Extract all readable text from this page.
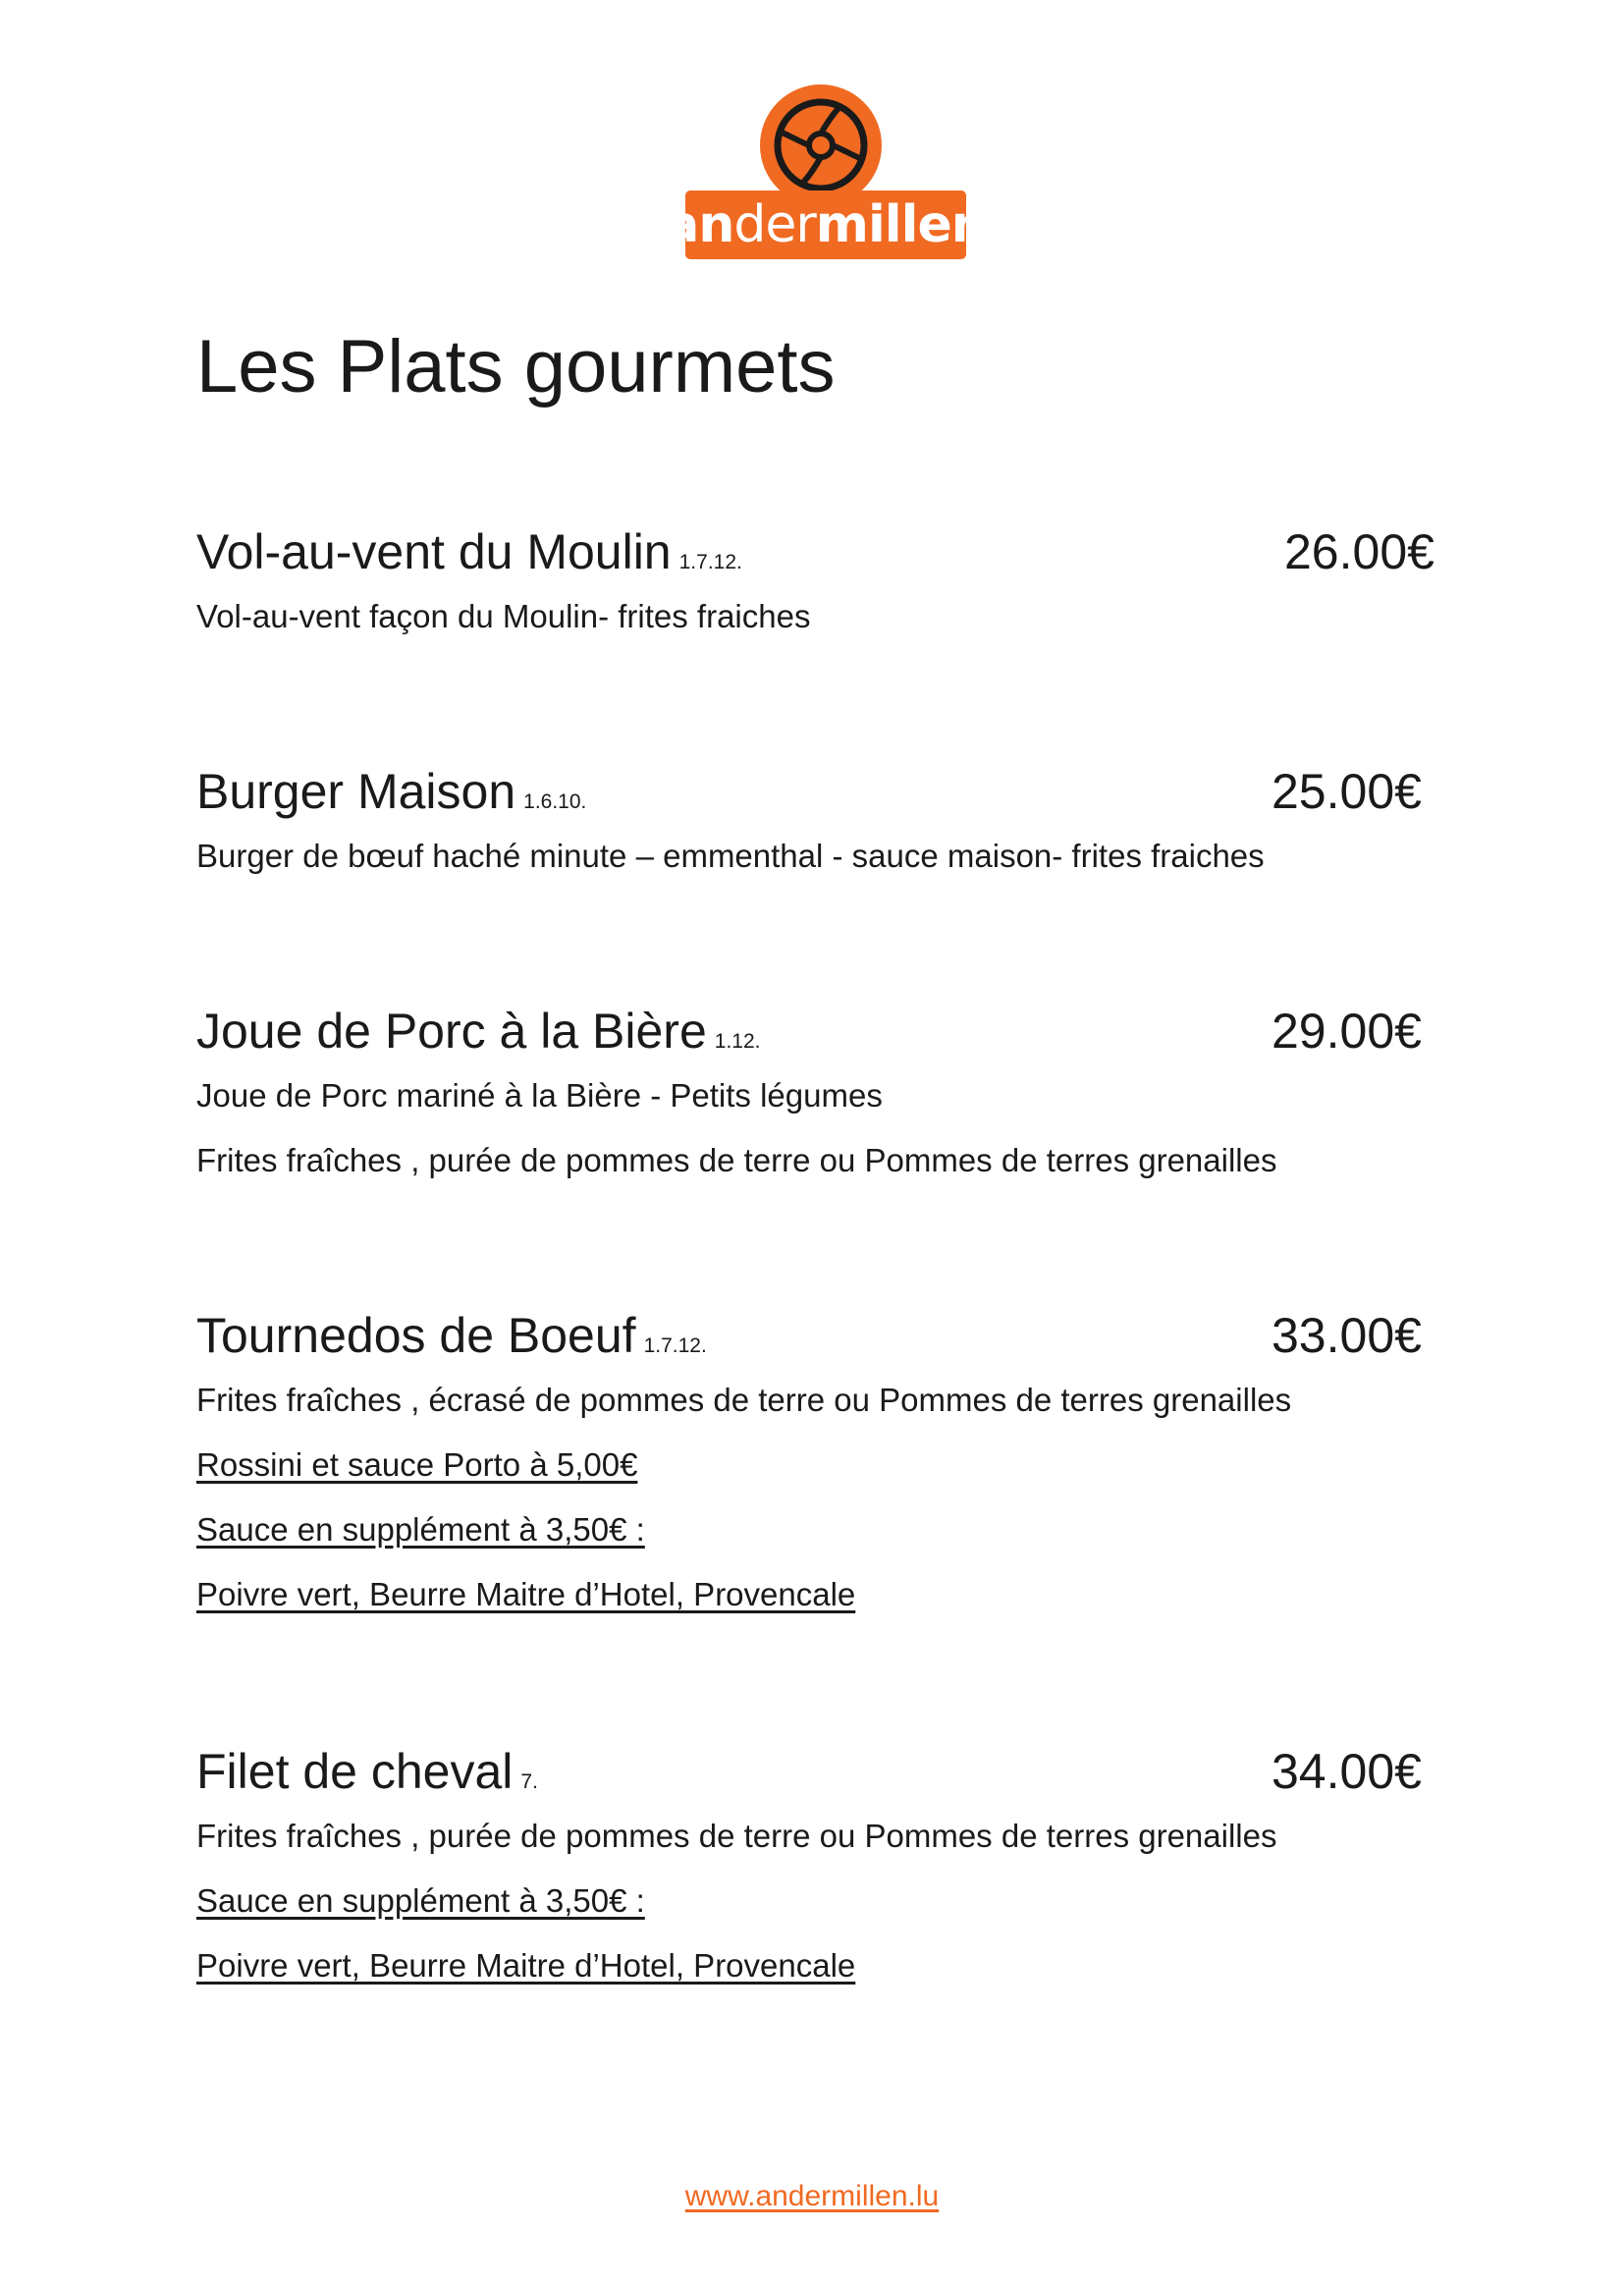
an der millen
Les Plats gourmets
Vol-au-vent du Moulin 1.7.12.	26.00€

Vol-au-vent façon du Moulin- frites fraiches

Burger Maison 1.6.10.	25.00€

Burger de bœuf haché minute – emmenthal - sauce maison- frites fraiches

Joue de Porc à la Bière 1.12.	29.00€

Joue de Porc mariné à la Bière - Petits légumes

Frites fraîches , purée de pommes de terre ou Pommes de terres grenailles

Tournedos de Boeuf 1.7.12.	33.00€

Frites fraîches , écrasé de pommes de terre ou Pommes de terres grenailles

Rossini et sauce Porto à 5,00€

Sauce en supplément à 3,50€ :

Poivre vert, Beurre Maitre d’Hotel, Provencale

Filet de cheval 7.	34.00€

Frites fraîches , purée de pommes de terre ou Pommes de terres grenailles

Sauce en supplément à 3,50€ :

Poivre vert, Beurre Maitre d’Hotel, Provencale

www.andermillen.lu
